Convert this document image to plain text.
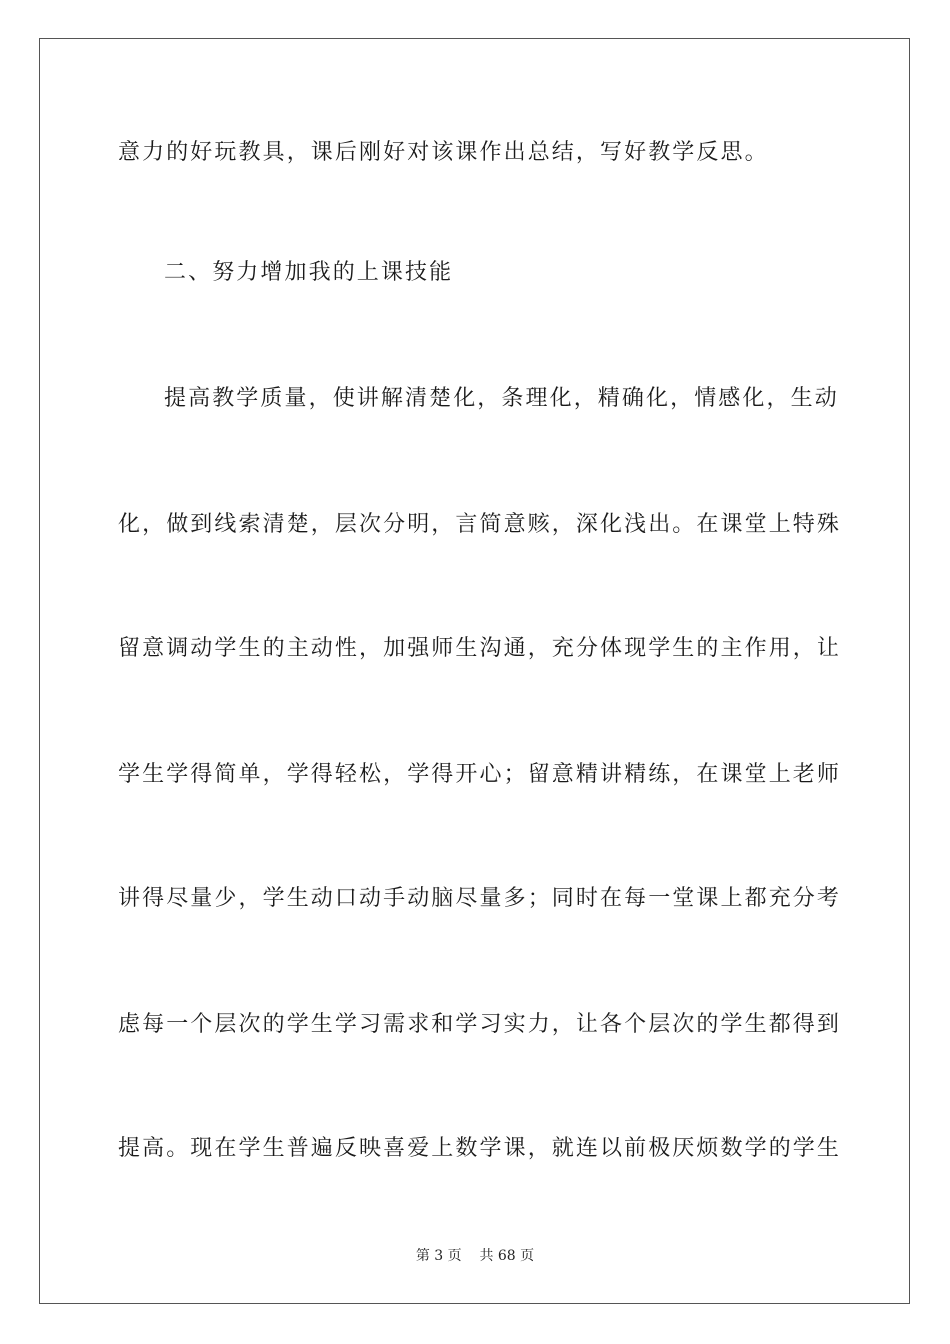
意力的好玩教具，课后刚好对该课作出总结，写好教学反思。
二、努力增加我的上课技能
提高教学质量，使讲解清楚化，条理化，精确化，情感化，生动
化，做到线索清楚，层次分明，言简意赅，深化浅出。在课堂上特殊
留意调动学生的主动性，加强师生沟通，充分体现学生的主作用，让
学生学得简单，学得轻松，学得开心；留意精讲精练，在课堂上老师
讲得尽量少，学生动口动手动脑尽量多；同时在每一堂课上都充分考
虑每一个层次的学生学习需求和学习实力，让各个层次的学生都得到
提高。现在学生普遍反映喜爱上数学课，就连以前极厌烦数学的学生
第 3 页 共 68 页
